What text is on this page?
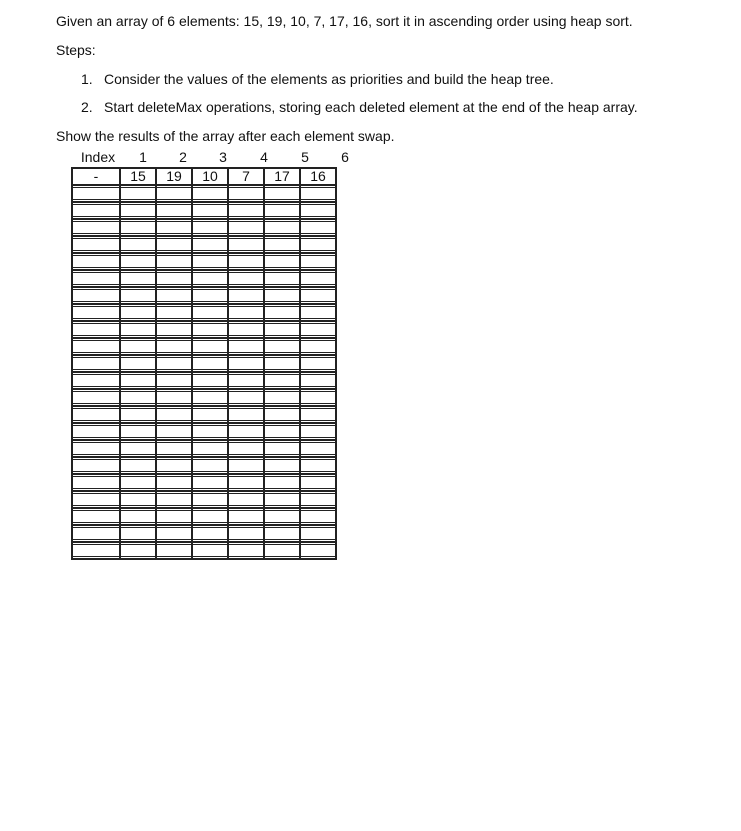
Given an array of 6 elements: 15, 19, 10, 7, 17, 16, sort it in ascending order using heap sort.
Steps:
1. Consider the values of the elements as priorities and build the heap tree.
2. Start deleteMax operations, storing each deleted element at the end of the heap array.
Show the results of the array after each element swap.
Index 1 2 3 4 5 6
-	15	19	10	7	17	16
